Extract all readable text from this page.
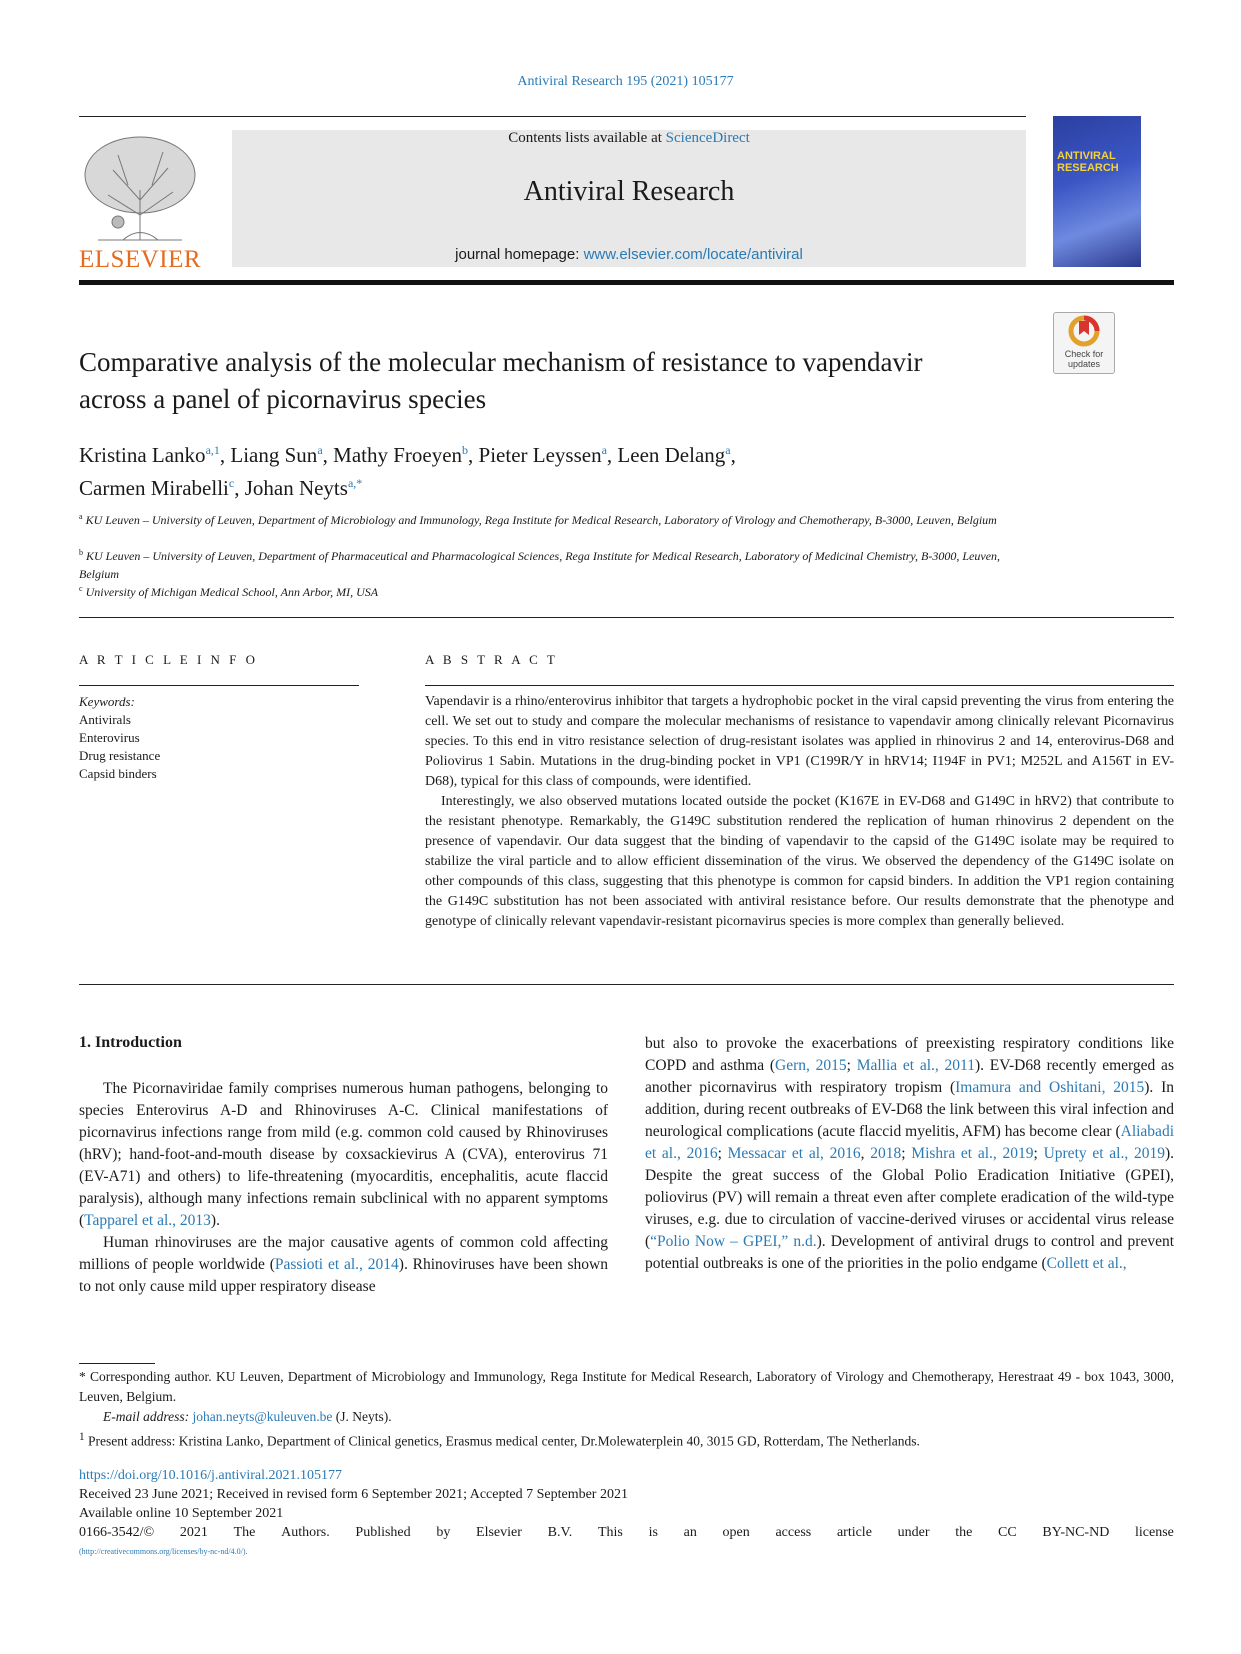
Antiviral Research 195 (2021) 105177
ELSEVIER
Contents lists available at ScienceDirect
Antiviral Research
journal homepage: www.elsevier.com/locate/antiviral
ANTIVIRAL RESEARCH
Check for updates
Comparative analysis of the molecular mechanism of resistance to vapendavir across a panel of picornavirus species
Kristina Lanko$^{a,1}$, Liang Sun$^a$, Mathy Froeyen$^b$, Pieter Leyssen$^a$, Leen Delang$^a$,
Carmen Mirabelli$^c$, Johan Neyts$^{a,*}$
$^a$ KU Leuven – University of Leuven, Department of Microbiology and Immunology, Rega Institute for Medical Research, Laboratory of Virology and Chemotherapy, B-3000, Leuven, Belgium
$^b$ KU Leuven – University of Leuven, Department of Pharmaceutical and Pharmacological Sciences, Rega Institute for Medical Research, Laboratory of Medicinal Chemistry, B-3000, Leuven, Belgium
$^c$ University of Michigan Medical School, Ann Arbor, MI, USA
A R T I C L E I N F O	A B S T R A C T
Keywords:
Antivirals
Enterovirus
Drug resistance
Capsid binders

Vapendavir is a rhino/enterovirus inhibitor that targets a hydrophobic pocket in the viral capsid preventing the virus from entering the cell. We set out to study and compare the molecular mechanisms of resistance to vapendavir among clinically relevant Picornavirus species. To this end in vitro resistance selection of drug-resistant isolates was applied in rhinovirus 2 and 14, enterovirus-D68 and Poliovirus 1 Sabin. Mutations in the drug-binding pocket in VP1 (C199R/Y in hRV14; I194F in PV1; M252L and A156T in EV-D68), typical for this class of compounds, were identified.

Interestingly, we also observed mutations located outside the pocket (K167E in EV-D68 and G149C in hRV2) that contribute to the resistant phenotype. Remarkably, the G149C substitution rendered the replication of human rhinovirus 2 dependent on the presence of vapendavir. Our data suggest that the binding of vapendavir to the capsid of the G149C isolate may be required to stabilize the viral particle and to allow efficient dissemination of the virus. We observed the dependency of the G149C isolate on other compounds of this class, suggesting that this phenotype is common for capsid binders. In addition the VP1 region containing the G149C substitution has not been associated with antiviral resistance before. Our results demonstrate that the phenotype and genotype of clinically relevant vapendavir-resistant picornavirus species is more complex than generally believed.

1. Introduction

The Picornaviridae family comprises numerous human pathogens, belonging to species Enterovirus A-D and Rhinoviruses A-C. Clinical manifestations of picornavirus infections range from mild (e.g. common cold caused by Rhinoviruses (hRV); hand-foot-and-mouth disease by coxsackievirus A (CVA), enterovirus 71 (EV-A71) and others) to life-threatening (myocarditis, encephalitis, acute flaccid paralysis), although many infections remain subclinical with no apparent symptoms (Tapparel et al., 2013).

Human rhinoviruses are the major causative agents of common cold affecting millions of people worldwide (Passioti et al., 2014). Rhinoviruses have been shown to not only cause mild upper respiratory disease

but also to provoke the exacerbations of preexisting respiratory conditions like COPD and asthma (Gern, 2015; Mallia et al., 2011). EV-D68 recently emerged as another picornavirus with respiratory tropism (Imamura and Oshitani, 2015). In addition, during recent outbreaks of EV-D68 the link between this viral infection and neurological complications (acute flaccid myelitis, AFM) has become clear (Aliabadi et al., 2016; Messacar et al, 2016, 2018; Mishra et al., 2019; Uprety et al., 2019). Despite the great success of the Global Polio Eradication Initiative (GPEI), poliovirus (PV) will remain a threat even after complete eradication of the wild-type viruses, e.g. due to circulation of vaccine-derived viruses or accidental virus release (“Polio Now – GPEI,” n.d.). Development of antiviral drugs to control and prevent potential outbreaks is one of the priorities in the polio endgame (Collett et al.,

* Corresponding author. KU Leuven, Department of Microbiology and Immunology, Rega Institute for Medical Research, Laboratory of Virology and Chemotherapy, Herestraat 49 - box 1043, 3000, Leuven, Belgium.

E-mail address: johan.neyts@kuleuven.be (J. Neyts).

$^1$ Present address: Kristina Lanko, Department of Clinical genetics, Erasmus medical center, Dr.Molewaterplein 40, 3015 GD, Rotterdam, The Netherlands.

https://doi.org/10.1016/j.antiviral.2021.105177
Received 23 June 2021; Received in revised form 6 September 2021; Accepted 7 September 2021
Available online 10 September 2021
0166-3542/© 2021 The Authors. Published by Elsevier B.V. This is an open access article under the CC BY-NC-ND license
(http://creativecommons.org/licenses/by-nc-nd/4.0/).
